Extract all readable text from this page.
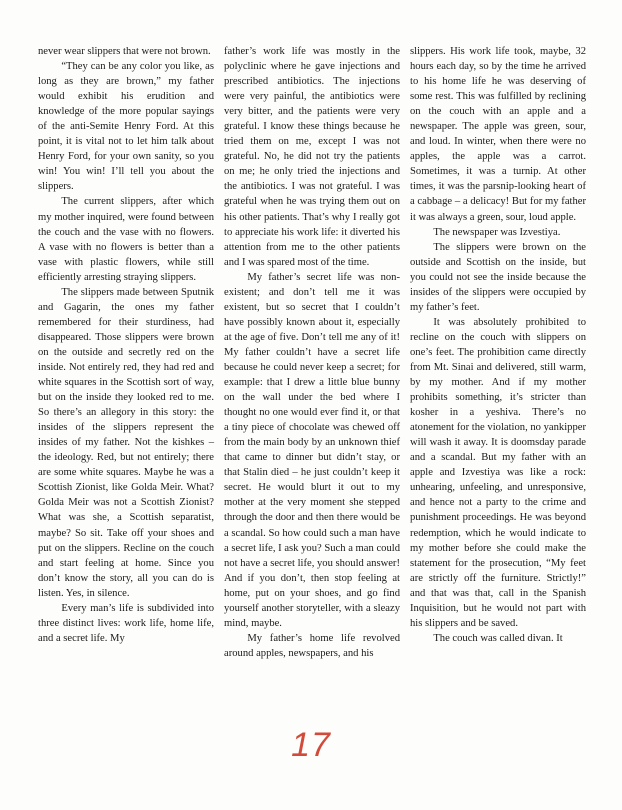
never wear slippers that were not brown.

“They can be any color you like, as long as they are brown,” my father would exhibit his erudition and knowledge of the more popular sayings of the anti-Semite Henry Ford. At this point, it is vital not to let him talk about Henry Ford, for your own sanity, so you win! You win! I’ll tell you about the slippers.

The current slippers, after which my mother inquired, were found between the couch and the vase with no flowers. A vase with no flowers is better than a vase with plastic flowers, while still efficiently arresting straying slippers.

The slippers made between Sputnik and Gagarin, the ones my father remembered for their sturdiness, had disappeared. Those slippers were brown on the outside and secretly red on the inside. Not entirely red, they had red and white squares in the Scottish sort of way, but on the inside they looked red to me. So there’s an allegory in this story: the insides of the slippers represent the insides of my father. Not the kishkes – the ideology. Red, but not entirely; there are some white squares. Maybe he was a Scottish Zionist, like Golda Meir. What? Golda Meir was not a Scottish Zionist? What was she, a Scottish separatist, maybe? So sit. Take off your shoes and put on the slippers. Recline on the couch and start feeling at home. Since you don’t know the story, all you can do is listen. Yes, in silence.

Every man’s life is subdivided into three distinct lives: work life, home life, and a secret life. My

father’s work life was mostly in the polyclinic where he gave injections and prescribed antibiotics. The injections were very painful, the antibiotics were very bitter, and the patients were very grateful. I know these things because he tried them on me, except I was not grateful. No, he did not try the patients on me; he only tried the injections and the antibiotics. I was not grateful. I was grateful when he was trying them out on his other patients. That’s why I really got to appreciate his work life: it diverted his attention from me to the other patients and I was spared most of the time.

My father’s secret life was non-existent; and don’t tell me it was existent, but so secret that I couldn’t have possibly known about it, especially at the age of five. Don’t tell me any of it! My father couldn’t have a secret life because he could never keep a secret; for example: that I drew a little blue bunny on the wall under the bed where I thought no one would ever find it, or that a tiny piece of chocolate was chewed off from the main body by an unknown thief that came to dinner but didn’t stay, or that Stalin died – he just couldn’t keep it secret. He would blurt it out to my mother at the very moment she stepped through the door and then there would be a scandal. So how could such a man have a secret life, I ask you? Such a man could not have a secret life, you should answer! And if you don’t, then stop feeling at home, put on your shoes, and go find yourself another storyteller, with a sleazy mind, maybe.

My father’s home life revolved around apples, newspapers, and his

slippers. His work life took, maybe, 32 hours each day, so by the time he arrived to his home life he was deserving of some rest. This was fulfilled by reclining on the couch with an apple and a newspaper. The apple was green, sour, and loud. In winter, when there were no apples, the apple was a carrot. Sometimes, it was a turnip. At other times, it was the parsnip-looking heart of a cabbage – a delicacy! But for my father it was always a green, sour, loud apple.

The newspaper was Izvestiya.

The slippers were brown on the outside and Scottish on the inside, but you could not see the inside because the insides of the slippers were occupied by my father’s feet.

It was absolutely prohibited to recline on the couch with slippers on one’s feet. The prohibition came directly from Mt. Sinai and delivered, still warm, by my mother. And if my mother prohibits something, it’s stricter than kosher in a yeshiva. There’s no atonement for the violation, no yankipper will wash it away. It is doomsday parade and a scandal. But my father with an apple and Izvestiya was like a rock: unhearing, unfeeling, and unresponsive, and hence not a party to the crime and punishment proceedings. He was beyond redemption, which he would indicate to my mother before she could make the statement for the prosecution, “My feet are strictly off the furniture. Strictly!” and that was that, call in the Spanish Inquisition, but he would not part with his slippers and be saved.

The couch was called divan. It

17
